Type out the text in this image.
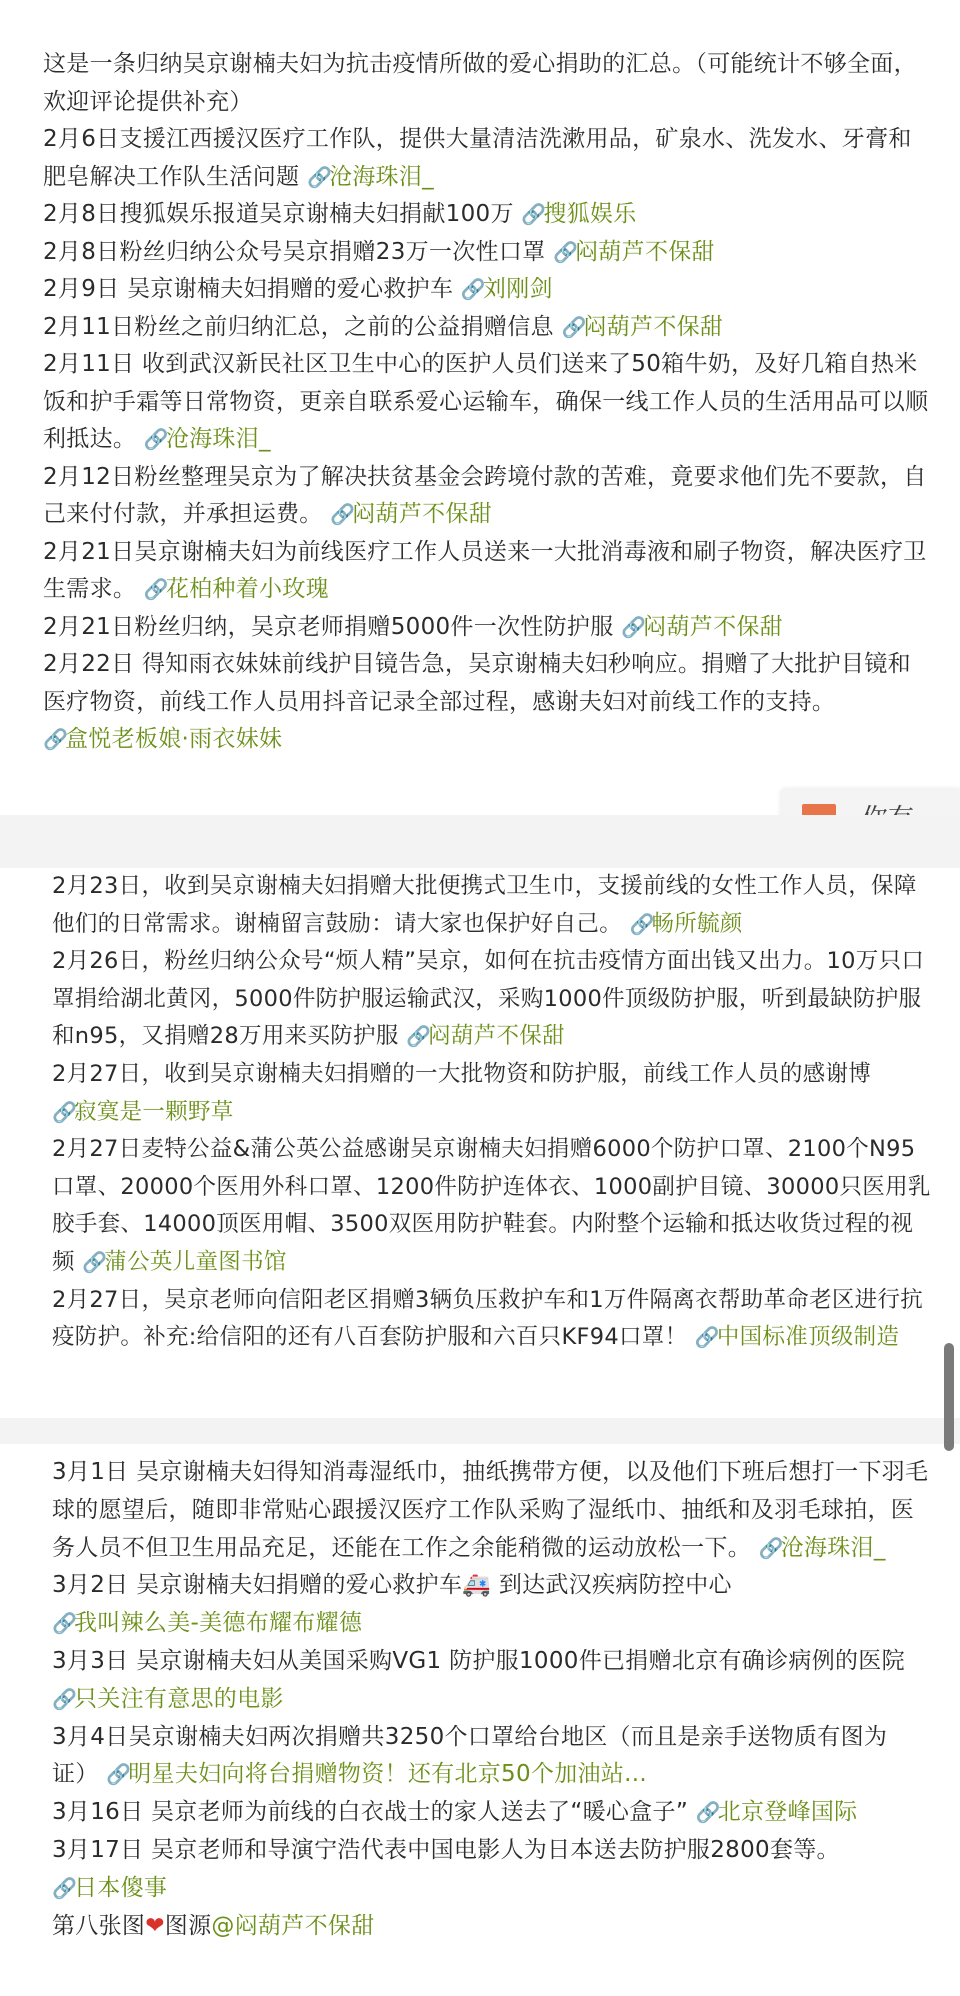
这是一条归纳吴京谢楠夫妇为抗击疫情所做的爱心捐助的汇总。（可能统计不够全面，欢迎评论提供补充）

2月6日支援江西援汉医疗工作队，提供大量清洁洗漱用品，矿泉水、洗发水、牙膏和肥皂解决工作队生活问题 🔗沧海珠泪_

2月8日搜狐娱乐报道吴京谢楠夫妇捐献100万 🔗搜狐娱乐

2月8日粉丝归纳公众号吴京捐赠23万一次性口罩 🔗闷葫芦不保甜

2月9日 吴京谢楠夫妇捐赠的爱心救护车 🔗刘刚剑

2月11日粉丝之前归纳汇总，之前的公益捐赠信息 🔗闷葫芦不保甜

2月11日 收到武汉新民社区卫生中心的医护人员们送来了50箱牛奶，及好几箱自热米饭和护手霜等日常物资，更亲自联系爱心运输车，确保一线工作人员的生活用品可以顺利抵达。 🔗沧海珠泪_

2月12日粉丝整理吴京为了解决扶贫基金会跨境付款的苦难，竟要求他们先不要款，自己来付付款，并承担运费。 🔗闷葫芦不保甜

2月21日吴京谢楠夫妇为前线医疗工作人员送来一大批消毒液和刷子物资，解决医疗卫生需求。 🔗花柏种着小玫瑰

2月21日粉丝归纳，吴京老师捐赠5000件一次性防护服 🔗闷葫芦不保甜

2月22日 得知雨衣妹妹前线护目镜告急，吴京谢楠夫妇秒响应。捐赠了大批护目镜和医疗物资，前线工作人员用抖音记录全部过程，感谢夫妇对前线工作的支持。 🔗盒悦老板娘·雨衣妹妹

2月23日，收到吴京谢楠夫妇捐赠大批便携式卫生巾，支援前线的女性工作人员，保障他们的日常需求。谢楠留言鼓励：请大家也保护好自己。 🔗畅所毓颜

2月26日，粉丝归纳公众号“烦人精”吴京，如何在抗击疫情方面出钱又出力。10万只口罩捐给湖北黄冈，5000件防护服运输武汉，采购1000件顶级防护服，听到最缺防护服和n95，又捐赠28万用来买防护服 🔗闷葫芦不保甜

2月27日，收到吴京谢楠夫妇捐赠的一大批物资和防护服，前线工作人员的感谢博 🔗寂寞是一颗野草

2月27日麦特公益&蒲公英公益感谢吴京谢楠夫妇捐赠6000个防护口罩、2100个N95口罩、20000个医用外科口罩、1200件防护连体衣、1000副护目镜、30000只医用乳胶手套、14000顶医用帽、3500双医用防护鞋套。内附整个运输和抵达收货过程的视频 🔗蒲公英儿童图书馆

2月27日，吴京老师向信阳老区捐赠3辆负压救护车和1万件隔离衣帮助革命老区进行抗疫防护。补充:给信阳的还有八百套防护服和六百只KF94口罩！ 🔗中国标准顶级制造

3月1日 吴京谢楠夫妇得知消毒湿纸巾，抽纸携带方便，以及他们下班后想打一下羽毛球的愿望后，随即非常贴心跟援汉医疗工作队采购了湿纸巾、抽纸和及羽毛球拍，医务人员不但卫生用品充足，还能在工作之余能稍微的运动放松一下。 🔗沧海珠泪_

3月2日 吴京谢楠夫妇捐赠的爱心救护车🚑 到达武汉疾病防控中心 🔗我叫辣么美-美德布耀布耀德

3月3日 吴京谢楠夫妇从美国采购VG1 防护服1000件已捐赠北京有确诊病例的医院 🔗只关注有意思的电影

3月4日吴京谢楠夫妇两次捐赠共3250个口罩给台地区（而且是亲手送物质有图为证） 🔗明星夫妇向将台捐赠物资！还有北京50个加油站...

3月16日 吴京老师为前线的白衣战士的家人送去了“暖心盒子” 🔗北京登峰国际

3月17日 吴京老师和导演宁浩代表中国电影人为日本送去防护服2800套等。 🔗日本傻事

第八张图❤图源@闷葫芦不保甜
